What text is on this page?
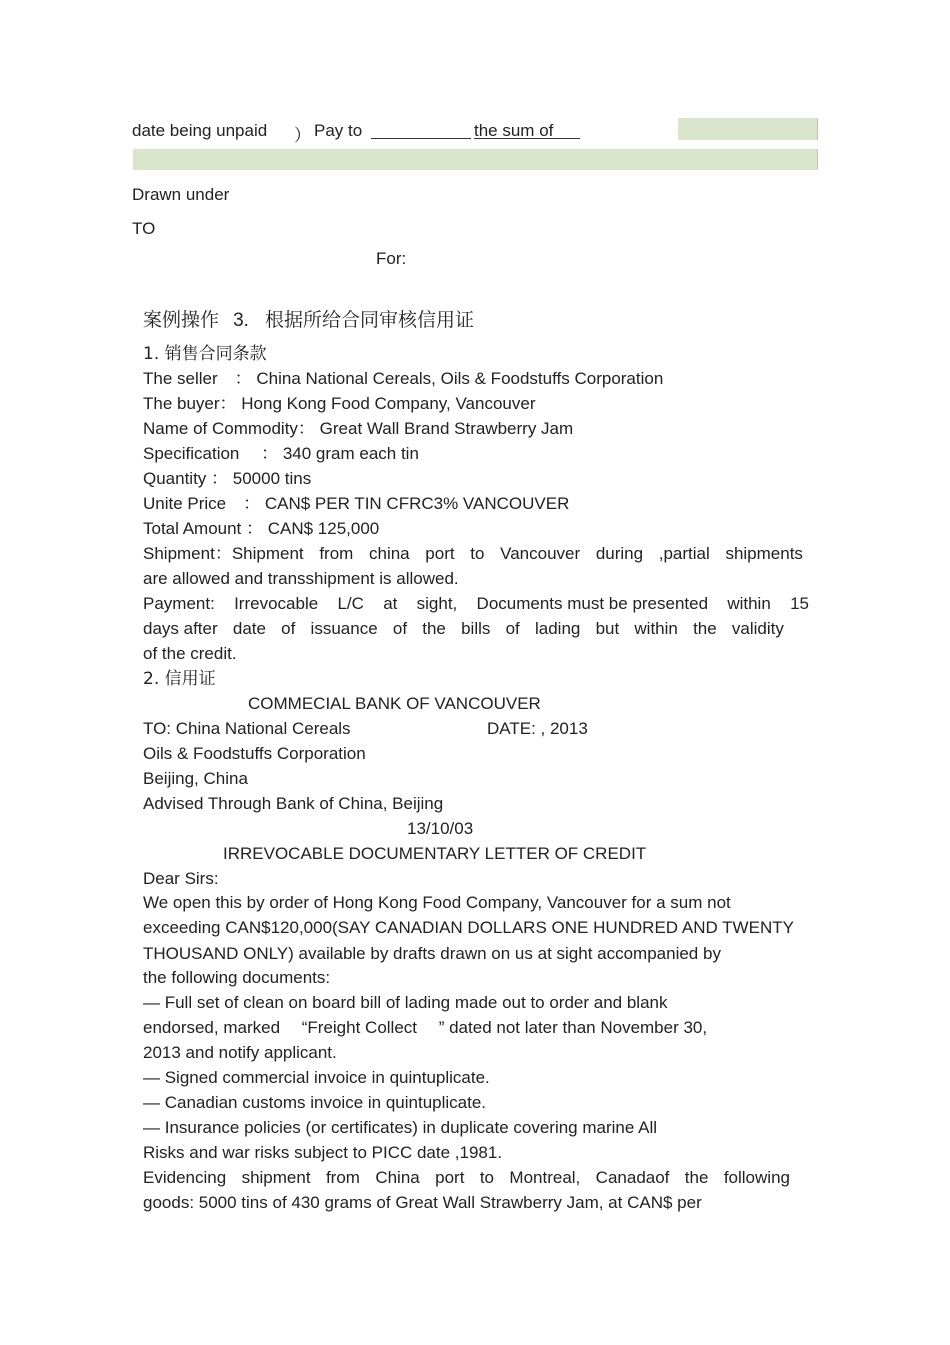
date being unpaid ） Pay to	the sum of
Drawn under
TO
For:
案例操作 3. 根据所给合同审核信用证
1. 销售合同条款
The seller　： China National Cereals, Oils & Foodstuffs Corporation
The buyer： Hong Kong Food Company, Vancouver
Name of Commodity： Great Wall Brand Strawberry Jam
Specification　 ： 340 gram each tin
Quantity ： 50000 tins
Unite Price　： CAN$ PER TIN CFRC3% VANCOUVER
Total Amount ： CAN$ 125,000
Shipment：Shipment from china port to Vancouver during ,partial shipments
are allowed and transshipment is allowed.
Payment: Irrevocable L/C at sight, Documents must be presented within 15
days after date of issuance of the bills of lading but within the validity
of the credit.
2. 信用证
COMMECIAL BANK OF VANCOUVER
TO: China National Cereals	DATE: , 2013
Oils & Foodstuffs Corporation
Beijing, China
Advised Through Bank of China, Beijing
13/10/03
IRREVOCABLE DOCUMENTARY LETTER OF CREDIT
Dear Sirs:
We open this by order of Hong Kong Food Company, Vancouver for a sum not
exceeding CAN$120,000(SAY CANADIAN DOLLARS ONE HUNDRED AND TWENTY
THOUSAND ONLY) available by drafts drawn on us at sight accompanied by
the following documents:
— Full set of clean on board bill of lading made out to order and blank
endorsed, marked　 “Freight Collect　 ” dated not later than November 30,
2013 and notify applicant.
— Signed commercial invoice in quintuplicate.
— Canadian customs invoice in quintuplicate.
— Insurance policies (or certificates) in duplicate covering marine All
Risks and war risks subject to PICC date ,1981.
Evidencing shipment from China port to Montreal, Canadaof the following
goods: 5000 tins of 430 grams of Great Wall Strawberry Jam, at CAN$ per
